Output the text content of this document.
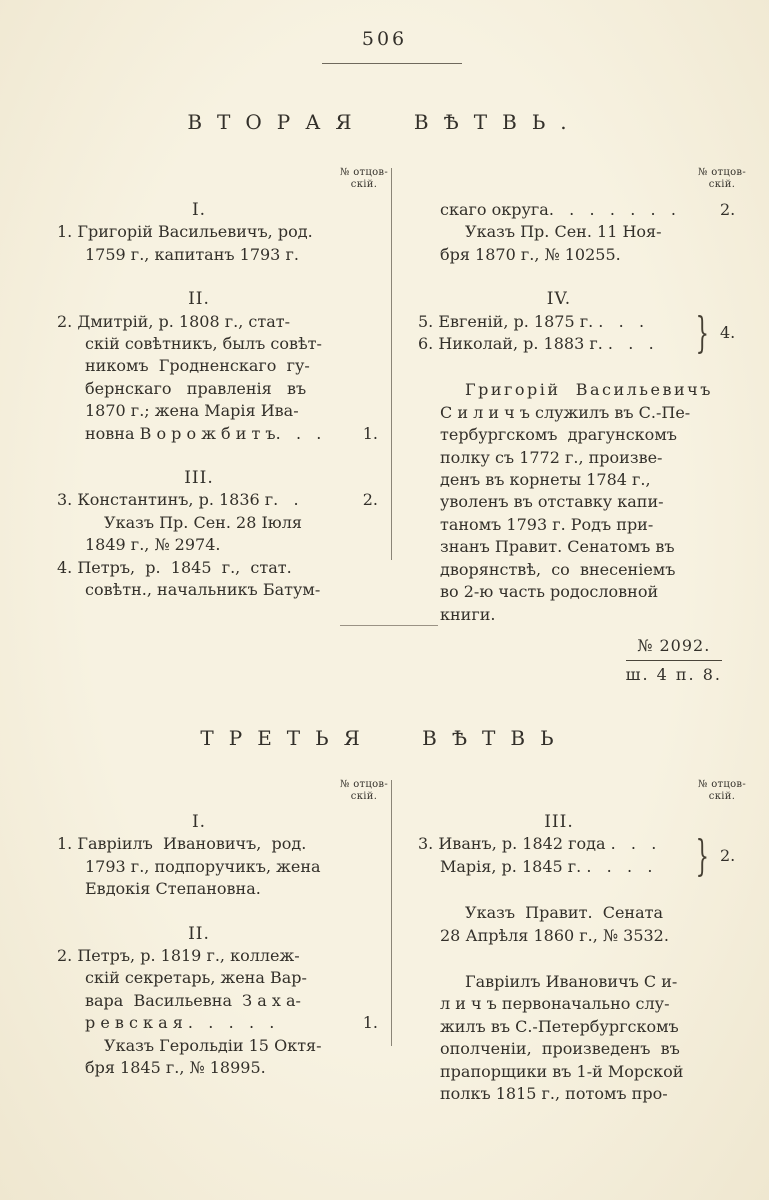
506
ВТОРАЯ ВѢТВЬ.
№ отцов-
скій.
I.
1. Григорій Васильевичъ, род.
1759 г., капитанъ 1793 г.
II.
2. Дмитрій, р. 1808 г., стат-
скій совѣтникъ, былъ совѣт-
никомъ  Гродненскаго  гу-
бернскаго   правленія   въ
1870 г.; жена Марія Ива-
новна В о р о ж б и т ъ.   .   .	1.
III.
3. Константинъ, р. 1836 г.   .	2.
Указъ Пр. Сен. 28 Іюля
1849 г., № 2974.
4. Петръ,  р.  1845  г.,  стат.
совѣтн., начальникъ Батум-
№ отцов-
скій.
скаго округа.   .   .   .   .   .   .	2.
Указъ Пр. Сен. 11 Ноя-
бря 1870 г., № 10255.
IV.
5. Евгеній, р. 1875 г. .   .   .
6. Николай, р. 1883 г. .   .   .	} 4.
Григорій  Васильевичъ
С и л и ч ъ служилъ въ С.-Пе-
тербургскомъ  драгунскомъ
полку съ 1772 г., произве-
денъ въ корнеты 1784 г.,
уволенъ въ отставку капи-
таномъ 1793 г. Родъ при-
знанъ Правит. Сенатомъ въ
дворянствѣ,  со  внесеніемъ
во 2-ю часть родословной
книги.
№ 2092.
ш. 4 п. 8.
ТРЕТЬЯ ВѢТВЬ
№ отцов-
скій.
I.
1. Гавріилъ  Ивановичъ,  род.
1793 г., подпоручикъ, жена
Евдокія Степановна.
II.
2. Петръ, р. 1819 г., коллеж-
скій секретарь, жена Вар-
вара  Васильевна  З а х а-
р е в с к а я .   .   .   .   .	1.
Указъ Герольдіи 15 Октя-
бря 1845 г., № 18995.
№ отцов-
скій.
III.
3. Иванъ, р. 1842 года .   .   .
Марія, р. 1845 г. .   .   .   .	} 2.
Указъ  Правит.  Сената
28 Апрѣля 1860 г., № 3532.
Гавріилъ Ивановичъ С и-
л и ч ъ первоначально слу-
жилъ въ С.-Петербургскомъ
ополченіи,  произведенъ  въ
прапорщики въ 1-й Морской
полкъ 1815 г., потомъ про-
